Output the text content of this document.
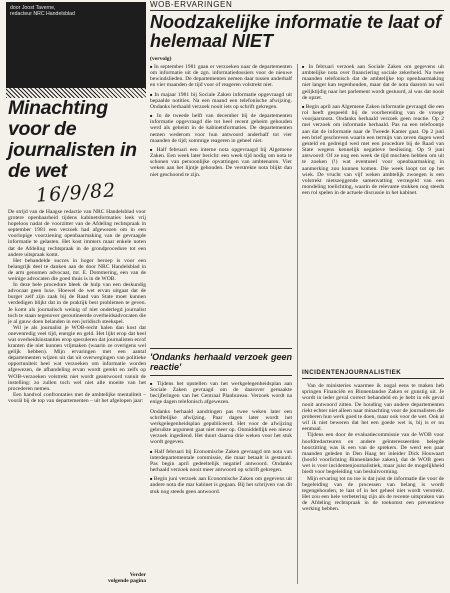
door Joost Taverne,
redacteur NRC Handelsblad
Minachting voor de journalisten in de wet
16/9/82

De strijd van de Haagse redactie van NRC Handelsblad voor grotere openbaarheid tijdens kabinetsformaties leek vrij hopeloos nadat de voorzitter van de Afdeling rechtspraak in september 1981 een verzoek had afgewezen om in een voorlopige voorziening openbaarmaking van de gevraagde informatie te gelasten. Het kost immers maar enkele noten dat de Afdeling rechtspraak in de grondprocedure tot een andere uitspraak komt.

Het behandelde succes in hoger beroep is voor een belangrijk deel te danken aan de door NRC Handelsblad in de arm genomen advocaat, mr. E. Dommering, een van de weinige advocaten die goed thuis is in de WOB.

In deze hele procedure bleek de hulp van een deskundig advocaat geen luxe. Hoewel de wet ervan uitgaat dat de burger zelf zijn zaak bij de Raad van State moet kunnen verdedigen blijkt dat in de praktijk best problemen te geven. Je komt als journalisch weinig of niet onderlegd journalist toch te staan tegenover geroutineerde overheidsadvocaten die je al gauw doen belanden in een juridisch steekspel.

Wil je als journalist je WOB-recht halen dan kost dat onevenredig veel tijd, energie en geld. Het lijkt erop dat heel wat overheidsinstanties erop speculeren dat journalisten en/of kranten die niet kunnen vrijmaken (waarin ze overigens wel gelijk hebben). Mijn ervaringen met een aantal departementen wijzen uit dat uit overwegingen van politieke opportuniteit heel wat verzoeken om informatie worden afgewezen, de afhandeling ervan wordt gerekt en zelfs op WOB-verzoeken volstrekt niet wordt geantwoord vanuit de instelling: zo zullen toch wel niet alle moeite van het procederen nemen.

Een handvol confrontaties met de ambtelijke mentaliteit – voorál bij de top van departementen – uit het afgelopen jaar:

Verder
volgende pagina
WOB-ERVARINGEN
Noodzakelijke informatie te laat of helemaal NIET
(vervolg)

■ In september 1981 gaan er verzoeken naar de departementen om informatie uit de zgn. informatiedossiers voor de nieuwe bewindslieden. De departementen nemen daar tussen anderhalf en vier maanden de tijd voor of reageren volstrekt niet.

■ In majaar 1981 bij Sociale Zaken informatie opgevraagd uit bepaalde notities. Na een maand een telefonische afwijzing. Ondanks herhaald verzoek nooit iets op schrift gekregen.

■ In de tweede helft van december bij de departementen informatie opgevraagd die tot heel recent geheim gehouden werd als geheim in de kabinetsformaties. De departementen nemen wederom voor hun antwoord anderhalf tot vier maanden de tijd; sommige reageren in geheel niet.

■ Half februari een interne nota opgevraagd bij Algemene Zaken. Een week later bericht: een week tijd nodig om nota te schonen van persoonlijke opvattingen van ambtenaren. Vier weken aan het lijntje gehouden. De verstrekte nota blijkt dan niet geschoond te zijn.

'Ondanks herhaald verzoek geen reactie'

■ Tijdens het opstellen van het werkgelegenheidsplan aan Sociale Zaken gevraagd om de daarover gemaakte becijferingen van het Centraal Planbureau. Verzoek wordt na enige dagen telefonisch afgewezen.

Ondanks herhaald aandringen pas twee weken later een schriftelijke afwijzing. Paar dagen later wordt het werkgelegenheidsplan gepubliceerd. Het voor de afwijzing gebruikte argument gaat niet meer op. Onmiddellijk een nieuw verzoek ingediend. Het duurt daarna drie weken voor het stuk wordt gegeven.

■ Half februari bij Economische Zaken gevraagd om nota van interdepartementale commissie, die maar betaalt is gestuurd. Pas begin april gedeeltelijk negatief antwoord. Ondanks herhaald verzoek nooit meer antwoord op schrift gekregen.

■ Begin juni verzoek aan Economische Zaken om gegevens uit andere nota die mar kabinet is gegaan. Bij het schrijven van dit stuk nog steeds geen antwoord.

■ In februari verzoek aan Sociale Zaken om gegevens uit ambtelijke nota over financiering sociale zekerheid. Na twee maanden telefonisch dat de ambtelijke top openbaarmaking niet langer kan tegenhouden, maar dat de nota daarom nu wel gelijktijdig naar het parlement wordt gestuurd, al was dat nooit de opzet.

■ Begin april aan Algemene Zaken informatie gevraagd die een rol heeft gespeeld bij de voorbereiding van de vroege voorjaarsnota. Ondanks herhaald verzoek geen reactie. Op 2 mei verzoek om informatie herhaald. Pas na een telefoontje aan dat de informatie naar de Tweede Kamer gaat. Op 2 juni een brief geschreven waarin een termijn van zeven dagen werd gesteld en gedreigd wed met een procedure bij de Raad van State wegens kennelijk negatieve beslissing. Op 9 juni antwoord: Of ze nog een week de tijd mochten hebben om uit te zoeken (!) wat eventueel voor openbaarmaking in aanmerking zou kunnen komen. Die week loopt tot op het wiek. De vrucht van vijf weken ambtelijk zwoegen is een volstrekt nietszeggende samenvatting verzegeld van een mondeling toelichting, waarin de relevante stukken nog steeds een rol spelen in de actuele discussie in het kabinet.

INCIDENTENJOURNALISTIEK

Van de ministeries waarmee ik nogal eens te maken heb springen Financiën en Binnenlandse Zaken er gunstig uit. Je wordt in ieder geval correct behandeld en je hebt in elk geval nooit antwoord zitten. De houding van andere departementen riekt echter niet alleen naar minachting voor de journalisten die proberen hun werk goed te doen, maar ook voor de wet. Ook al wil ik niet beweren dat het een goede wet is, bij is er nu eenmaal.

Tijdens een door de evaluatiecommissie van de WOB voor hoofdredacteuren en andere geïnteresseerden belegde hoorzitting was ik een van de sprekers. De werd een paar maanden geleden in Den Haag ter inleider Dick Houwaart (hoofd voorlichting Binnenlandse zaken), dat de WOB geen wet is voor incidentenjournalistiek, maar juist de mogelijkheid biedt voor begeleiding van besluitvorming.

Mijn ervaring tot nu toe is dat juist de informatie die voor de begeleiding van de processen van belang is wordt tegengehouden, te laat of in het geheel niet wordt verstrekt. Het zou een hele verbetering zijn als de recente uitspraken van de Afdeling rechtspraak in de toekomst een preventieve werking hebben.
